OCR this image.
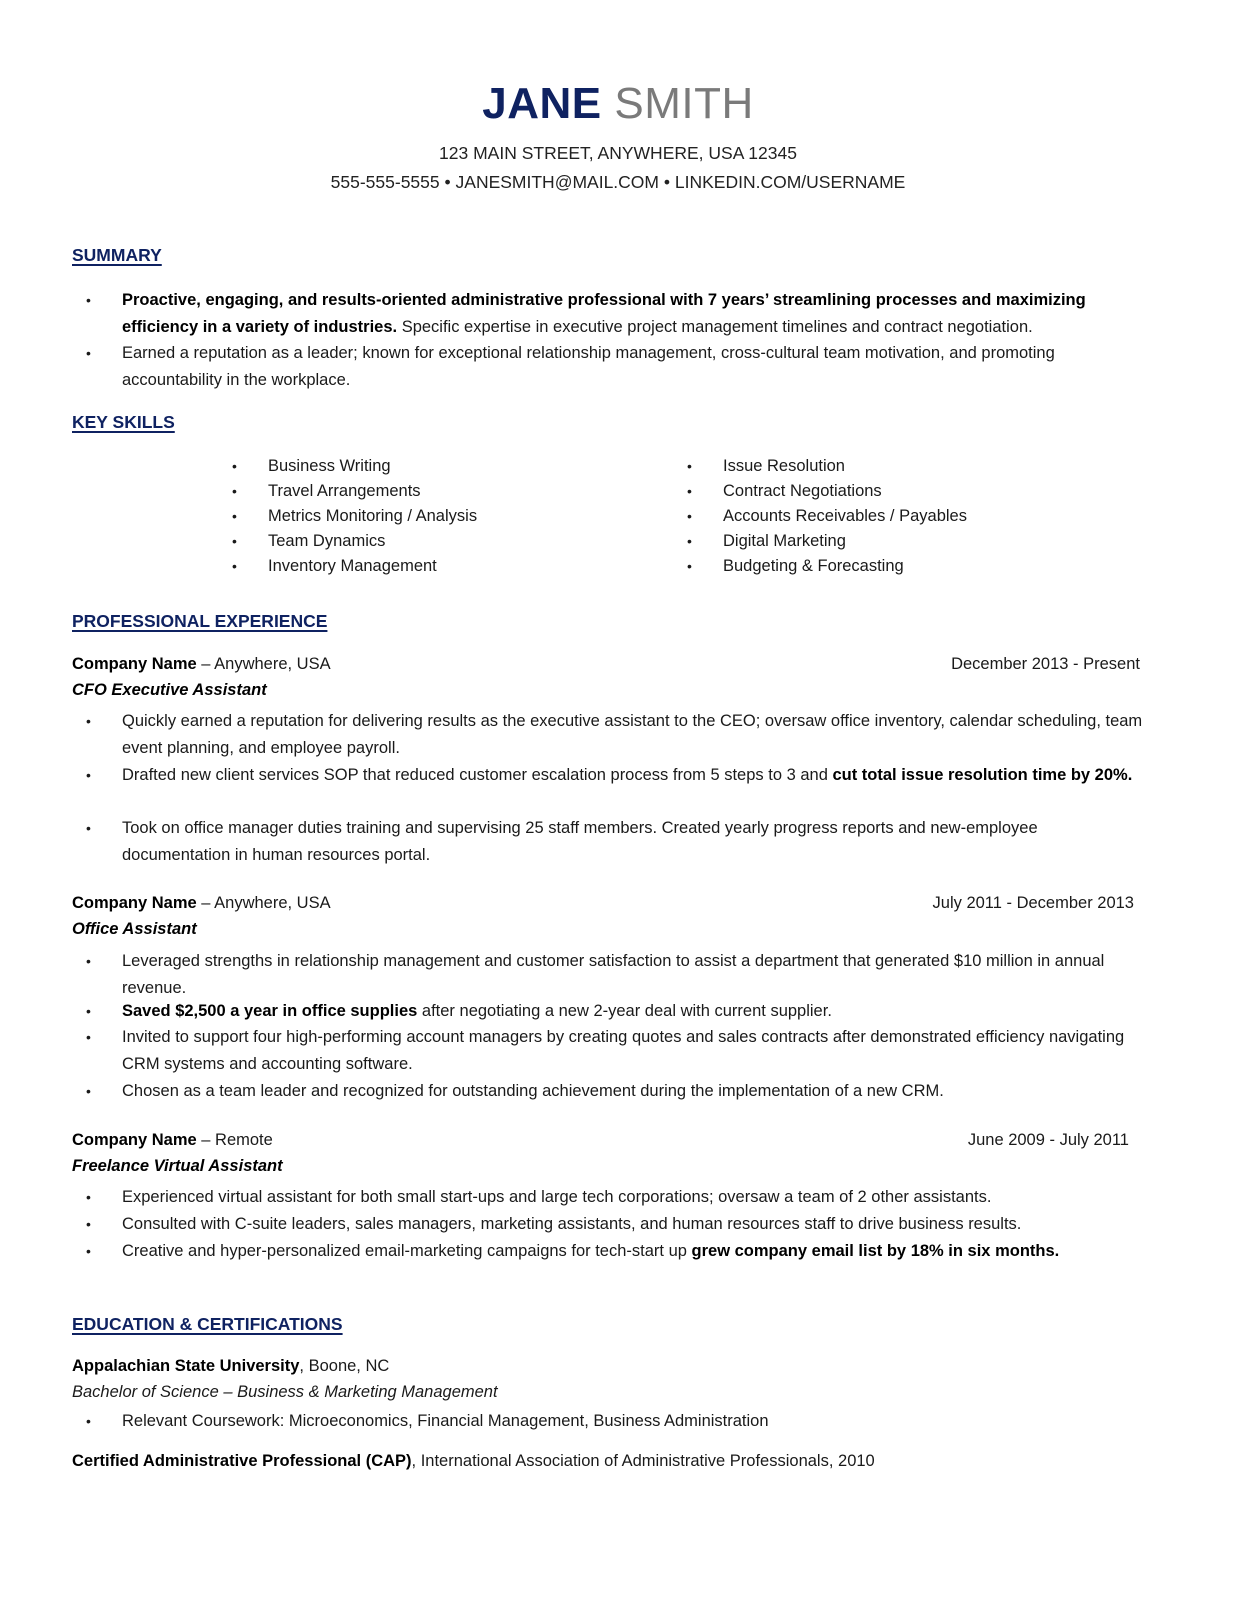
JANE SMITH
123 MAIN STREET, ANYWHERE, USA 12345
555-555-5555 • JANESMITH@MAIL.COM • LINKEDIN.COM/USERNAME
SUMMARY
• Proactive, engaging, and results-oriented administrative professional with 7 years’ streamlining processes and maximizing efficiency in a variety of industries. Specific expertise in executive project management timelines and contract negotiation.
• Earned a reputation as a leader; known for exceptional relationship management, cross-cultural team motivation, and promoting accountability in the workplace.
KEY SKILLS
• Business Writing
• Travel Arrangements
• Metrics Monitoring / Analysis
• Team Dynamics
• Inventory Management
• Issue Resolution
• Contract Negotiations
• Accounts Receivables / Payables
• Digital Marketing
• Budgeting & Forecasting
PROFESSIONAL EXPERIENCE
Company Name – Anywhere, USA	December 2013 - Present
CFO Executive Assistant
• Quickly earned a reputation for delivering results as the executive assistant to the CEO; oversaw office inventory, calendar scheduling, team event planning, and employee payroll.
• Drafted new client services SOP that reduced customer escalation process from 5 steps to 3 and cut total issue resolution time by 20%.
• Took on office manager duties training and supervising 25 staff members. Created yearly progress reports and new-employee documentation in human resources portal.
Company Name – Anywhere, USA	July 2011 - December 2013
Office Assistant
• Leveraged strengths in relationship management and customer satisfaction to assist a department that generated $10 million in annual revenue.
• Saved $2,500 a year in office supplies after negotiating a new 2-year deal with current supplier.
• Invited to support four high-performing account managers by creating quotes and sales contracts after demonstrated efficiency navigating CRM systems and accounting software.
• Chosen as a team leader and recognized for outstanding achievement during the implementation of a new CRM.
Company Name – Remote	June 2009 - July 2011
Freelance Virtual Assistant
• Experienced virtual assistant for both small start-ups and large tech corporations; oversaw a team of 2 other assistants.
• Consulted with C-suite leaders, sales managers, marketing assistants, and human resources staff to drive business results.
• Creative and hyper-personalized email-marketing campaigns for tech-start up grew company email list by 18% in six months.
EDUCATION & CERTIFICATIONS
Appalachian State University, Boone, NC
Bachelor of Science – Business & Marketing Management
• Relevant Coursework: Microeconomics, Financial Management, Business Administration
Certified Administrative Professional (CAP), International Association of Administrative Professionals, 2010
